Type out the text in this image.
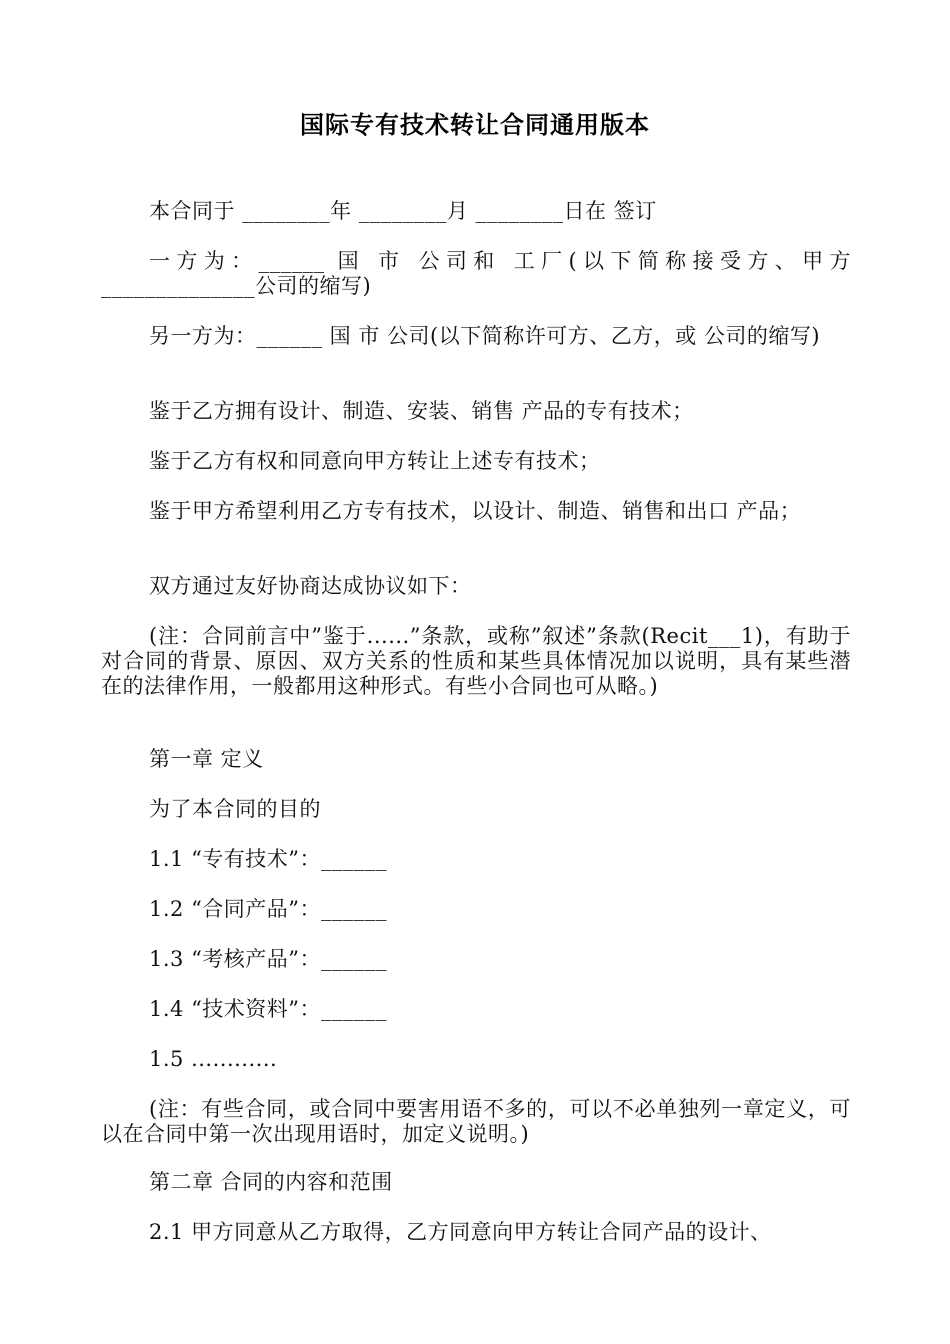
国际专有技术转让合同通用版本
本合同于 ________年 ________月 ________日在 签订
一方为：______ 国 市 公司和 工厂(以下简称接受方、甲方______________公司的缩写)
另一方为：______ 国 市 公司(以下简称许可方、乙方，或 公司的缩写)
鉴于乙方拥有设计、制造、安装、销售 产品的专有技术；
鉴于乙方有权和同意向甲方转让上述专有技术；
鉴于甲方希望利用乙方专有技术，以设计、制造、销售和出口 产品；
双方通过友好协商达成协议如下：
(注：合同前言中”鉴于......”条款，或称”叙述”条款(Recit___1)，有助于对合同的背景、原因、双方关系的性质和某些具体情况加以说明，具有某些潜在的法律作用，一般都用这种形式。有些小合同也可从略。)
第一章 定义
为了本合同的目的
1.1 “专有技术”：______
1.2 “合同产品”：______
1.3 “考核产品”：______
1.4 “技术资料”：______
1.5 ............
(注：有些合同，或合同中要害用语不多的，可以不必单独列一章定义，可以在合同中第一次出现用语时，加定义说明。)
第二章 合同的内容和范围
2.1 甲方同意从乙方取得，乙方同意向甲方转让合同产品的设计、
